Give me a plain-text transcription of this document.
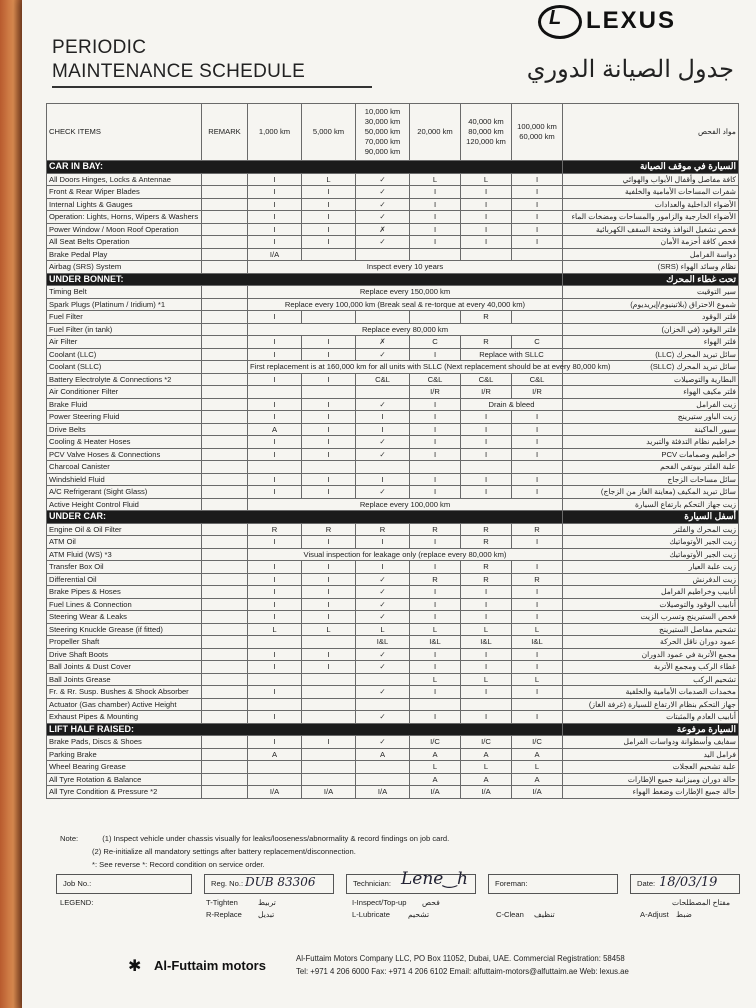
L LEXUS
PERIODIC
MAINTENANCE SCHEDULE	جدول الصيانة الدوري
CHECK ITEMS	REMARK	1,000 km	5,000 km	10,000 km
30,000 km
50,000 km
70,000 km
90,000 km	20,000 km	40,000 km
80,000 km
120,000 km	100,000 km
60,000 km	مواد الفحص
CAR IN BAY:								السيارة في موقف الصيانة
All Doors Hinges, Locks & Antennae		I	L	✓	L	L	I	كافة مفاصل وأقفال الأبواب والهوائي
Front & Rear Wiper Blades		I	I	✓	I	I	I	شفرات المساحات الأمامية والخلفية
Internal Lights & Gauges		I	I	✓	I	I	I	الأضواء الداخلية والعدادات
Operation: Lights, Horns, Wipers & Washers		I	I	✓	I	I	I	الأضواء الخارجية والزامور والمساحات ومضخات الماء
Power Window / Moon Roof Operation		I	I	✗	I	I	I	فحص تشغيل النوافذ وفتحة السقف الكهربائية
All Seat Belts Operation		I	I	✓	I	I	I	فحص كافة أحزمة الأمان
Brake Pedal Play		I/A						دواسة الفرامل
Airbag (SRS) System		Inspect every 10 years						نظام وسائد الهواء (SRS)
UNDER BONNET:								تحت غطاء المحرك
Timing Belt		Replace every 150,000 km						سير التوقيت
Spark Plugs (Platinum / Iridium) *1		Replace every 100,000 km (Break seal & re-torque at every 40,000 km)						شموع الاحتراق (بلاتينيوم/إيريديوم)
Fuel Filter		I				R		فلتر الوقود
Fuel Filter (in tank)		Replace every 80,000 km						فلتر الوقود (في الخزان)
Air Filter		I	I	✗	C	R	C	فلتر الهواء
Coolant (LLC)		I	I	✓	I	Replace with SLLC		سائل تبريد المحرك (LLC)
Coolant (SLLC)		First replacement is at 160,000 km for all units with SLLC (Next replacement should be at every 80,000 km)						سائل تبريد المحرك (SLLC)
Battery Electrolyte & Connections *2		I	I	C&L	C&L	C&L	C&L	البطارية والتوصيلات
Air Conditioner Filter					I/R	I/R	I/R	فلتر مكيف الهواء
Brake Fluid		I	I	✓	I	Drain & bleed		زيت الفرامل
Power Steering Fluid		I	I	I	I	I	I	زيت الباور ستيرينج
Drive Belts		A	I	I	I	I	I	سيور الماكينة
Cooling & Heater Hoses		I	I	✓	I	I	I	خراطيم نظام التدفئة والتبريد
PCV Valve Hoses & Connections		I	I	✓	I	I	I	خراطيم وصمامات PCV
Charcoal Canister								علبة الفلتر بيوتقي الفحم
Windshield Fluid		I	I	I	I	I	I	سائل مساحات الزجاج
A/C Refrigerant (Sight Glass)		I	I	✓	I	I	I	سائل تبريد المكيف (معاينة الغاز من الزجاج)
Active Height Control Fluid		Replace every 100,000 km						زيت جهاز التحكم بارتفاع السيارة
UNDER CAR:								أسفل السيارة
Engine Oil & Oil Filter		R	R	R	R	R	R	زيت المحرك والفلتر
ATM Oil		I	I	I	I	R	I	زيت الجير الأوتوماتيك
ATM Fluid (WS) *3		Visual inspection for leakage only (replace every 80,000 km)						زيت الجير الأوتوماتيك
Transfer Box Oil		I	I	I	I	R	I	زيت علبة العيار
Differential Oil		I	I	✓	R	R	R	زيت الدفرنش
Brake Pipes & Hoses		I	I	✓	I	I	I	أنابيب وخراطيم الفرامل
Fuel Lines & Connection		I	I	✓	I	I	I	أنابيب الوقود والتوصيلات
Steering Wear & Leaks		I	I	✓	I	I	I	فحص الستيرينج وتسرب الزيت
Steering Knuckle Grease (if fitted)		L	L	L	L	L	L	تشحيم مفاصل الستيرينج
Propeller Shaft				I&L	I&L	I&L	I&L	عمود دوران ناقل الحركة
Drive Shaft Boots		I	I	✓	I	I	I	مجمع الأتربة في عمود الدوران
Ball Joints & Dust Cover		I	I	✓	I	I	I	غطاء الركب ومجمع الأتربة
Ball Joints Grease					L	L	L	تشحيم الركب
Fr. & Rr. Susp. Bushes & Shock Absorber		I		✓	I	I	I	مخمدات الصدمات الأمامية والخلفية
Actuator (Gas chamber) Active Height								جهاز التحكم بنظام الارتفاع للسيارة (غرفة الغاز)
Exhaust Pipes & Mounting		I		✓	I	I	I	أنابيب العادم والمثبتات
LIFT HALF RAISED:								السيارة مرفوعة
Brake Pads, Discs & Shoes		I	I	✓	I/C	I/C	I/C	سفايف وأسطوانة ودواسات الفرامل
Parking Brake		A		A	A	A	A	فرامل اليد
Wheel Bearing Grease					L	L	L	علبة تشحيم العجلات
All Tyre Rotation & Balance					A	A	A	حالة دوران وميزانية جميع الإطارات
All Tyre Condition & Pressure *2		I/A	I/A	I/A	I/A	I/A	I/A	حالة جميع الإطارات وضغط الهواء
Note:	(1) Inspect vehicle under chassis visually for leaks/looseness/abnormality & record findings on job card.
(2) Re-initialize all mandatory settings after battery replacement/disconnection.
*: See reverse *: Record condition on service order.
Job No.:	Reg. No.: DUB 83306	Technician: Lene‿h	Foreman:	Date: 18/03/19
LEGEND:	T-Tighten	تربيط
R-Replace تبديل
I-Inspect/Top-up فحص
L-Lubricate تشحيم	C-Clean تنظيف	A-Adjust ضبط
مفتاح المصطلحات
✱ Al-Futtaim motors	Al-Futtaim Motors Company LLC, PO Box 11052, Dubai, UAE. Commercial Registration: 58458
Tel: +971 4 206 6000 Fax: +971 4 206 6102 Email: alfuttaim-motors@alfuttaim.ae Web: lexus.ae
